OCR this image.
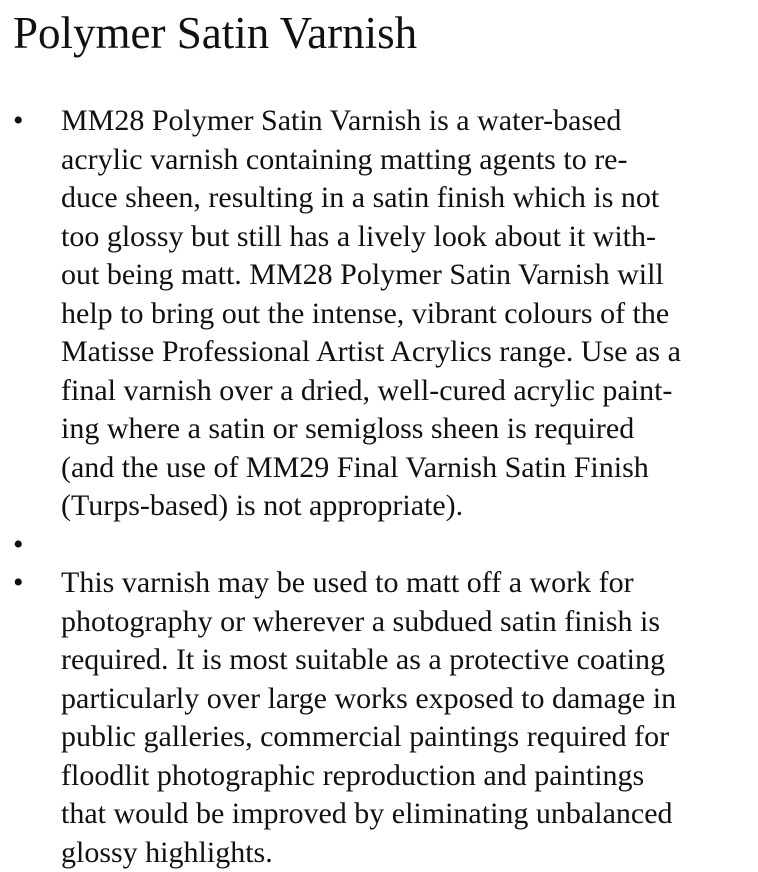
Polymer Satin Varnish
• MM28 Polymer Satin Varnish is a water-based
acrylic varnish containing matting agents to re-
duce sheen, resulting in a satin finish which is not
too glossy but still has a lively look about it with-
out being matt. MM28 Polymer Satin Varnish will
help to bring out the intense, vibrant colours of the
Matisse Professional Artist Acrylics range. Use as a
final varnish over a dried, well-cured acrylic paint-
ing where a satin or semigloss sheen is required
(and the use of MM29 Final Varnish Satin Finish
(Turps-based) is not appropriate).
•
• This varnish may be used to matt off a work for
photography or wherever a subdued satin finish is
required. It is most suitable as a protective coating
particularly over large works exposed to damage in
public galleries, commercial paintings required for
floodlit photographic reproduction and paintings
that would be improved by eliminating unbalanced
glossy highlights.
